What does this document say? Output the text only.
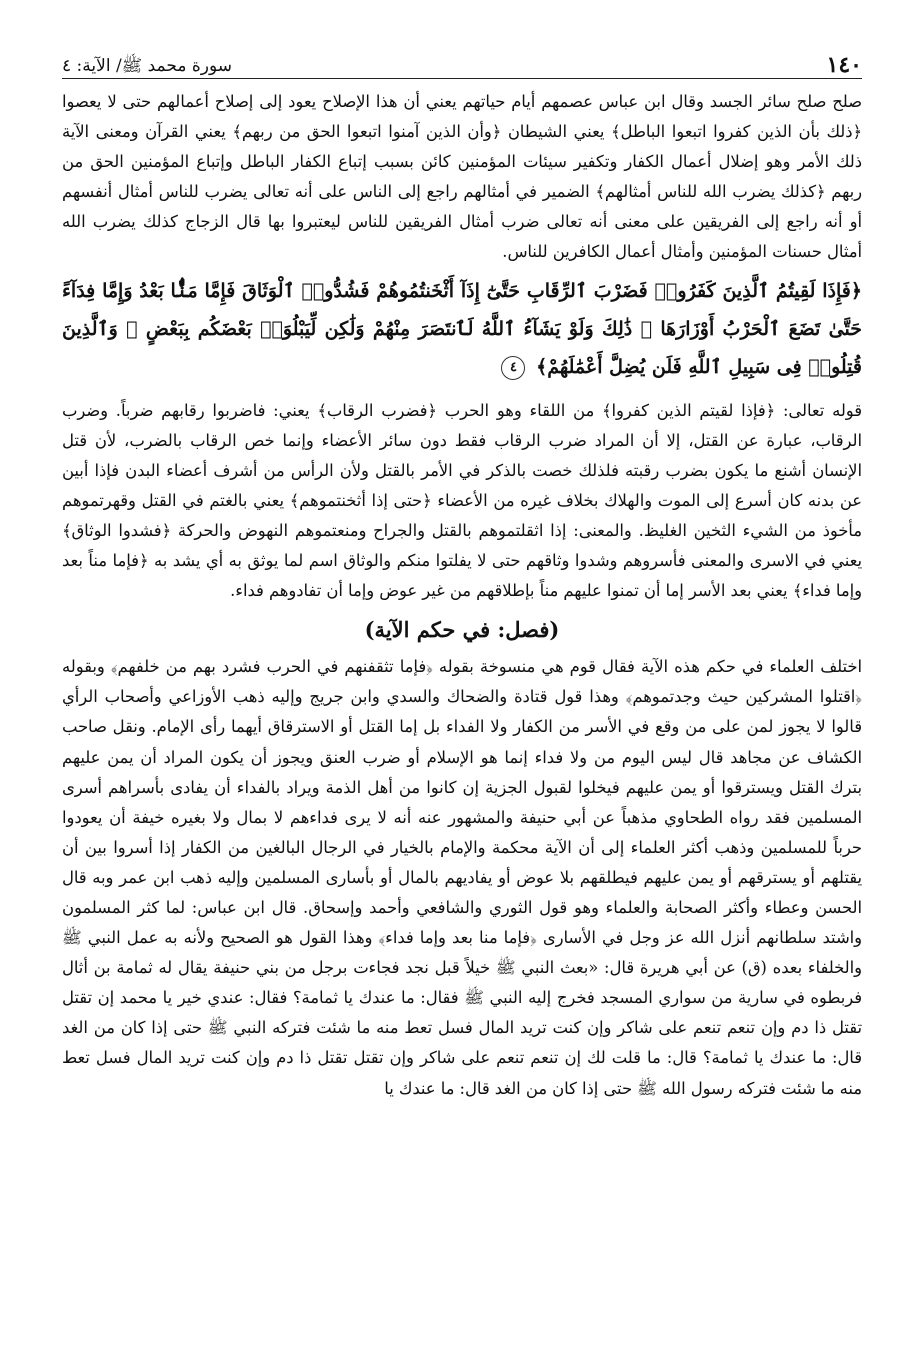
١٤٠
سورة محمد ﷺ/ الآية: ٤

صلح صلح سائر الجسد وقال ابن عباس عصمهم أيام حياتهم يعني أن هذا الإصلاح يعود إلى إصلاح أعمالهم حتى لا يعصوا ﴿ذلك بأن الذين كفروا اتبعوا الباطل﴾ يعني الشيطان ﴿وأن الذين آمنوا اتبعوا الحق من ربهم﴾ يعني القرآن ومعنى الآية ذلك الأمر وهو إضلال أعمال الكفار وتكفير سيئات المؤمنين كائن بسبب إتباع الكفار الباطل وإتباع المؤمنين الحق من ربهم ﴿كذلك يضرب الله للناس أمثالهم﴾ الضمير في أمثالهم راجع إلى الناس على أنه تعالى يضرب للناس أمثال أنفسهم أو أنه راجع إلى الفريقين على معنى أنه تعالى ضرب أمثال الفريقين للناس ليعتبروا بها قال الزجاج كذلك يضرب الله أمثال حسنات المؤمنين وأمثال أعمال الكافرين للناس.

﴿فَإِذَا لَقِيتُمُ ٱلَّذِينَ كَفَرُوا۟ فَضَرْبَ ٱلرِّقَابِ حَتَّىٰٓ إِذَآ أَثْخَنتُمُوهُمْ فَشُدُّوا۟ ٱلْوَثَاقَ فَإِمَّا مَنًّۢا بَعْدُ وَإِمَّا فِدَآءً حَتَّىٰ تَضَعَ ٱلْحَرْبُ أَوْزَارَهَا ۚ ذَٰلِكَ وَلَوْ يَشَآءُ ٱللَّهُ لَٱنتَصَرَ مِنْهُمْ وَلَٰكِن لِّيَبْلُوَا۟ بَعْضَكُم بِبَعْضٍ ۗ وَٱلَّذِينَ قُتِلُوا۟ فِى سَبِيلِ ٱللَّهِ فَلَن يُضِلَّ أَعْمَٰلَهُمْ﴾ ٤

قوله تعالى: ﴿فإذا لقيتم الذين كفروا﴾ من اللقاء وهو الحرب ﴿فضرب الرقاب﴾ يعني: فاضربوا رقابهم ضرباً. وضرب الرقاب، عبارة عن القتل، إلا أن المراد ضرب الرقاب فقط دون سائر الأعضاء وإنما خص الرقاب بالضرب، لأن قتل الإنسان أشنع ما يكون بضرب رقبته فلذلك خصت بالذكر في الأمر بالقتل ولأن الرأس من أشرف أعضاء البدن فإذا أبين عن بدنه كان أسرع إلى الموت والهلاك بخلاف غيره من الأعضاء ﴿حتى إذا أثخنتموهم﴾ يعني بالغتم في القتل وقهرتموهم مأخوذ من الشيء الثخين الغليظ. والمعنى: إذا اثقلتموهم بالقتل والجراح ومنعتموهم النهوض والحركة ﴿فشدوا الوثاق﴾ يعني في الاسرى والمعنى فأسروهم وشدوا وثاقهم حتى لا يفلتوا منكم والوثاق اسم لما يوثق به أي يشد به ﴿فإما مناً بعد وإما فداء﴾ يعني بعد الأسر إما أن تمنوا عليهم مناً بإطلاقهم من غير عوض وإما أن تفادوهم فداء.

(فصل: في حكم الآية)

اختلف العلماء في حكم هذه الآية فقال قوم هي منسوخة بقوله ﴿فإما تثقفنهم في الحرب فشرد بهم من خلفهم﴾ وبقوله ﴿اقتلوا المشركين حيث وجدتموهم﴾ وهذا قول قتادة والضحاك والسدي وابن جريج وإليه ذهب الأوزاعي وأصحاب الرأي قالوا لا يجوز لمن على من وقع في الأسر من الكفار ولا الفداء بل إما القتل أو الاسترقاق أيهما رأى الإمام. ونقل صاحب الكشاف عن مجاهد قال ليس اليوم من ولا فداء إنما هو الإسلام أو ضرب العنق ويجوز أن يكون المراد أن يمن عليهم بترك القتل ويسترقوا أو يمن عليهم فيخلوا لقبول الجزية إن كانوا من أهل الذمة ويراد بالفداء أن يفادى بأسراهم أسرى المسلمين فقد رواه الطحاوي مذهباً عن أبي حنيفة والمشهور عنه أنه لا يرى فداءهم لا بمال ولا بغيره خيفة أن يعودوا حرباً للمسلمين وذهب أكثر العلماء إلى أن الآية محكمة والإمام بالخيار في الرجال البالغين من الكفار إذا أسروا بين أن يقتلهم أو يسترقهم أو يمن عليهم فيطلقهم بلا عوض أو يفاديهم بالمال أو بأسارى المسلمين وإليه ذهب ابن عمر وبه قال الحسن وعطاء وأكثر الصحابة والعلماء وهو قول الثوري والشافعي وأحمد وإسحاق. قال ابن عباس: لما كثر المسلمون واشتد سلطانهم أنزل الله عز وجل في الأسارى ﴿فإما منا بعد وإما فداء﴾ وهذا القول هو الصحيح ولأنه به عمل النبي ﷺ والخلفاء بعده (ق) عن أبي هريرة قال: «بعث النبي ﷺ خيلاً قبل نجد فجاءت برجل من بني حنيفة يقال له ثمامة بن أثال فربطوه في سارية من سواري المسجد فخرج إليه النبي ﷺ فقال: ما عندك يا ثمامة؟ فقال: عندي خير يا محمد إن تقتل تقتل ذا دم وإن تنعم تنعم على شاكر وإن كنت تريد المال فسل تعط منه ما شئت فتركه النبي ﷺ حتى إذا كان من الغد قال: ما عندك يا ثمامة؟ قال: ما قلت لك إن تنعم تنعم على شاكر وإن تقتل تقتل ذا دم وإن كنت تريد المال فسل تعط منه ما شئت فتركه رسول الله ﷺ حتى إذا كان من الغد قال: ما عندك يا
